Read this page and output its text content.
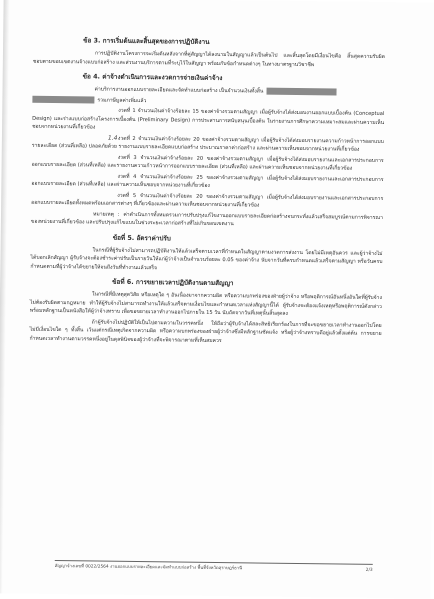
ข้อ 3. การเริ่มต้นและสิ้นสุดของการปฏิบัติงาน

การปฏิบัติงานโครงการจะเริ่มต้นหลังจากที่คู่สัญญาได้ลงนามในสัญญาแล้วเป็นต้นไป และสิ้นสุดโดยมีเงื่อนไขคือ สิ้นสุดความรับผิดชอบตามขอบเขตงานจ้างแบบก่อสร้าง และส่วนงานบริการตามที่ระบุไว้ในสัญญา พร้อมกับข้อกำหนดต่างๆ ในทางมาตรฐานวิชาชีพ

ข้อ 4. ค่าจ้างดำเนินการและงวดการจ่ายเงินค่าจ้าง

ค่าบริการงานออกแบบรายละเอียดและจัดทำแบบก่อสร้าง เป็นจำนวนเงินทั้งสิ้น

รวมภาษีมูลค่าเพิ่มแล้ว

งวดที่ 1 จำนวนเงินค่าจ้างร้อยละ 15 ของค่าจ้างรวมตามสัญญา เมื่อผู้รับจ้างได้ส่งมอบงานออกแบบเบื้องต้น (Conceptual Design) และร่างแบบก่อสร้างโครงการเบื้องต้น (Preliminary Design) การประสานการสนับสนุนเบื้องต้น ในรายงานการศึกษาความเหมาะสมและผ่านความเห็นชอบจากหน่วยงานที่เกี่ยวข้อง

1.4 งวดที่ 2 จำนวนเงินค่าจ้างร้อยละ 20 ของค่าจ้างรวมตามสัญญา เมื่อผู้รับจ้างได้ส่งมอบรายงานความก้าวหน้าการออกแบบรายละเอียด (ส่วนที่เหลือ) ปลอดภัยด้วย รายงานแบบรายละเอียดแบบก่อสร้าง ประมาณราคาค่าก่อสร้าง และผ่านความเห็นชอบจากหน่วยงานที่เกี่ยวข้อง

งวดที่ 3 จำนวนเงินค่าจ้างร้อยละ 20 ของค่าจ้างรวมตามสัญญา เมื่อผู้รับจ้างได้ส่งมอบรายงานและเอกสารประกอบการออกแบบรายละเอียด (ส่วนที่เหลือ) และรายงานความก้าวหน้าการออกแบบรายละเอียด (ส่วนที่เหลือ) และผ่านความเห็นชอบจากหน่วยงานที่เกี่ยวข้อง

งวดที่ 4 จำนวนเงินค่าจ้างร้อยละ 25 ของค่าจ้างรวมตามสัญญา เมื่อผู้รับจ้างได้ส่งมอบรายงานและเอกสารประกอบการออกแบบรายละเอียด (ส่วนที่เหลือ) และผ่านความเห็นชอบจากหน่วยงานที่เกี่ยวข้อง

งวดที่ 5 จำนวนเงินค่าจ้างร้อยละ 20 ของค่าจ้างรวมตามสัญญา เมื่อผู้รับจ้างได้ส่งมอบรายงานและเอกสารประกอบการออกแบบรายละเอียดทั้งหมดพร้อมเอกสารต่างๆ ที่เกี่ยวข้องและผ่านความเห็นชอบจากหน่วยงานที่เกี่ยวข้อง

หมายเหตุ : ค่าดำเนินการทั้งหมดรวมการปรับปรุงแก้ไขงานออกแบบรายละเอียดก่อสร้างจนกระทั่งแล้วเสร็จสมบูรณ์ตามการพิจารณาของหน่วยงานที่เกี่ยวข้อง และปรับปรุงแก้ไขแบบในช่วงระยะเวลาก่อสร้างที่ไม่เกินขอบเขตงาน

ข้อที่ 5. อัตราค่าปรับ

ในกรณีที่ผู้รับจ้างไม่สามารถปฏิบัติงานให้แล้วเสร็จตามเวลาที่กำหนดในสัญญาตามงวดการส่งงาน โดยไม่มีเหตุอันควร และผู้ว่าจ้างไม่ได้บอกเลิกสัญญา ผู้รับจ้างจะต้องชำระค่าปรับเป็นรายวันให้แก่ผู้ว่าจ้างเป็นจำนวนร้อยละ 0.05 ของค่าจ้าง นับจากวันที่ครบกำหนดแล้วเสร็จตามสัญญา หรือวันครบกำหนดตามที่ผู้ว่าจ้างได้ขยายให้จนถึงวันที่ทำงานแล้วเสร็จ

ข้อที่ 6. การขยายเวลาปฏิบัติงานตามสัญญา

ในกรณีที่มีเหตุสุดวิสัย หรือเหตุใด ๆ อันเนื่องมาจากความผิด หรือความบกพร่องของฝ่ายผู้ว่าจ้าง หรือพฤติการณ์อันหนึ่งอันใดที่ผู้รับจ้างไม่ต้องรับผิดตามกฎหมาย ทำให้ผู้รับจ้างไม่สามารถทำงานให้แล้วเสร็จตามเงื่อนไขและกำหนดเวลาแห่งสัญญานี้ได้ ผู้รับจ้างจะต้องแจ้งเหตุหรือพฤติการณ์ดังกล่าว พร้อมหลักฐานเป็นหนังสือให้ผู้ว่าจ้างทราบ เพื่อขอขยายเวลาทำงานออกไปภายใน 15 วัน นับถัดจากวันที่เหตุนั้นสิ้นสุดลง

ถ้าผู้รับจ้างไม่ปฏิบัติให้เป็นไปตามความในวรรคหนึ่ง ให้ถือว่าผู้รับจ้างได้สละสิทธิเรียกร้องในการที่จะขอขยายเวลาทำงานออกไปโดยไม่มีเงื่อนไขใด ๆ ทั้งสิ้น เว้นแต่กรณีเหตุเกิดจากความผิด หรือความบกพร่องของฝ่ายผู้ว่าจ้างซึ่งมีหลักฐานชัดแจ้ง หรือผู้ว่าจ้างทราบดีอยู่แล้วตั้งแต่ต้น การขยายกำหนดเวลาทำงานตามวรรคหนึ่งอยู่ในดุลพินิจของผู้ว่าจ้างที่จะพิจารณาตามที่เห็นสมควร

สัญญาจ้างเลขที่ 0022/2564 งานออกแบบรายละเอียดและจัดทำแบบก่อสร้าง พื้นที่จังหวัดสุราษฎร์ธานี	2/3
